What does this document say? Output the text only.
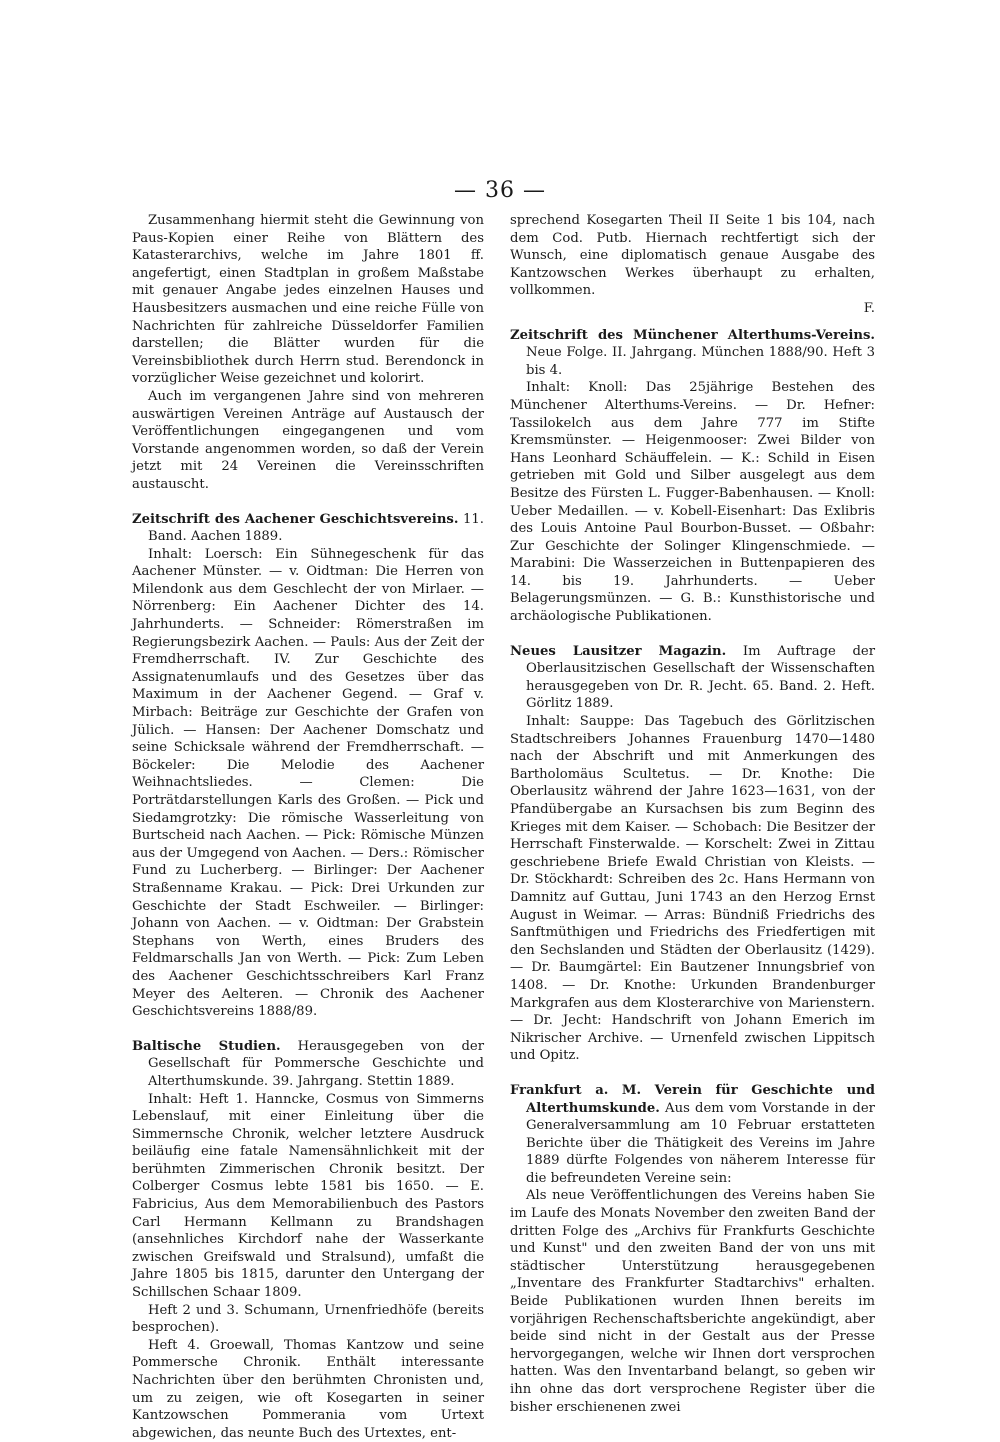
— 36 —

Zusammenhang hiermit steht die Gewinnung von Paus-Kopien einer Reihe von Blättern des Katasterarchivs, welche im Jahre 1801 ff. angefertigt, einen Stadtplan in großem Maßstabe mit genauer Angabe jedes einzelnen Hauses und Hausbesitzers ausmachen und eine reiche Fülle von Nachrichten für zahlreiche Düsseldorfer Familien darstellen; die Blätter wurden für die Vereinsbibliothek durch Herrn stud. Berendonck in vorzüglicher Weise gezeichnet und kolorirt.

Auch im vergangenen Jahre sind von mehreren auswärtigen Vereinen Anträge auf Austausch der Veröffentlichungen eingegangenen und vom Vorstande angenommen worden, so daß der Verein jetzt mit 24 Vereinen die Vereinsschriften austauscht.

Zeitschrift des Aachener Geschichtsvereins. 11. Band. Aachen 1889.

Inhalt: Loersch: Ein Sühnegeschenk für das Aachener Münster. — v. Oidtman: Die Herren von Milendonk aus dem Geschlecht der von Mirlaer. — Nörrenberg: Ein Aachener Dichter des 14. Jahrhunderts. — Schneider: Römerstraßen im Regierungsbezirk Aachen. — Pauls: Aus der Zeit der Fremdherrschaft. IV. Zur Geschichte des Assignatenumlaufs und des Gesetzes über das Maximum in der Aachener Gegend. — Graf v. Mirbach: Beiträge zur Geschichte der Grafen von Jülich. — Hansen: Der Aachener Domschatz und seine Schicksale während der Fremdherrschaft. — Böckeler: Die Melodie des Aachener Weihnachtsliedes. — Clemen: Die Porträtdarstellungen Karls des Großen. — Pick und Siedamgrotzky: Die römische Wasserleitung von Burtscheid nach Aachen. — Pick: Römische Münzen aus der Umgegend von Aachen. — Ders.: Römischer Fund zu Lucherberg. — Birlinger: Der Aachener Straßenname Krakau. — Pick: Drei Urkunden zur Geschichte der Stadt Eschweiler. — Birlinger: Johann von Aachen. — v. Oidtman: Der Grabstein Stephans von Werth, eines Bruders des Feldmarschalls Jan von Werth. — Pick: Zum Leben des Aachener Geschichtsschreibers Karl Franz Meyer des Aelteren. — Chronik des Aachener Geschichtsvereins 1888/89.

Baltische Studien. Herausgegeben von der Gesellschaft für Pommersche Geschichte und Alterthumskunde. 39. Jahrgang. Stettin 1889.

Inhalt: Heft 1. Hanncke, Cosmus von Simmerns Lebenslauf, mit einer Einleitung über die Simmernsche Chronik, welcher letztere Ausdruck beiläufig eine fatale Namensähnlichkeit mit der berühmten Zimmerischen Chronik besitzt. Der Colberger Cosmus lebte 1581 bis 1650. — E. Fabricius, Aus dem Memorabilienbuch des Pastors Carl Hermann Kellmann zu Brandshagen (ansehnliches Kirchdorf nahe der Wasserkante zwischen Greifswald und Stralsund), umfaßt die Jahre 1805 bis 1815, darunter den Untergang der Schillschen Schaar 1809.

Heft 2 und 3. Schumann, Urnenfriedhöfe (bereits besprochen).

Heft 4. Groewall, Thomas Kantzow und seine Pommersche Chronik. Enthält interessante Nachrichten über den berühmten Chronisten und, um zu zeigen, wie oft Kosegarten in seiner Kantzowschen Pommerania vom Urtext abgewichen, das neunte Buch des Urtextes, ent-

sprechend Kosegarten Theil II Seite 1 bis 104, nach dem Cod. Putb. Hiernach rechtfertigt sich der Wunsch, eine diplomatisch genaue Ausgabe des Kantzowschen Werkes überhaupt zu erhalten, vollkommen.

F.

Zeitschrift des Münchener Alterthums-Vereins. Neue Folge. II. Jahrgang. München 1888/90. Heft 3 bis 4.

Inhalt: Knoll: Das 25jährige Bestehen des Münchener Alterthums-Vereins. — Dr. Hefner: Tassilokelch aus dem Jahre 777 im Stifte Kremsmünster. — Heigenmooser: Zwei Bilder von Hans Leonhard Schäuffelein. — K.: Schild in Eisen getrieben mit Gold und Silber ausgelegt aus dem Besitze des Fürsten L. Fugger-Babenhausen. — Knoll: Ueber Medaillen. — v. Kobell-Eisenhart: Das Exlibris des Louis Antoine Paul Bourbon-Busset. — Oßbahr: Zur Geschichte der Solinger Klingenschmiede. — Marabini: Die Wasserzeichen in Buttenpapieren des 14. bis 19. Jahrhunderts. — Ueber Belagerungsmünzen. — G. B.: Kunsthistorische und archäologische Publikationen.

Neues Lausitzer Magazin. Im Auftrage der Oberlausitzischen Gesellschaft der Wissenschaften herausgegeben von Dr. R. Jecht. 65. Band. 2. Heft. Görlitz 1889.

Inhalt: Sauppe: Das Tagebuch des Görlitzischen Stadtschreibers Johannes Frauenburg 1470—1480 nach der Abschrift und mit Anmerkungen des Bartholomäus Scultetus. — Dr. Knothe: Die Oberlausitz während der Jahre 1623—1631, von der Pfandübergabe an Kursachsen bis zum Beginn des Krieges mit dem Kaiser. — Schobach: Die Besitzer der Herrschaft Finsterwalde. — Korschelt: Zwei in Zittau geschriebene Briefe Ewald Christian von Kleists. — Dr. Stöckhardt: Schreiben des 2c. Hans Hermann von Damnitz auf Guttau, Juni 1743 an den Herzog Ernst August in Weimar. — Arras: Bündniß Friedrichs des Sanftmüthigen und Friedrichs des Friedfertigen mit den Sechslanden und Städten der Oberlausitz (1429). — Dr. Baumgärtel: Ein Bautzener Innungsbrief von 1408. — Dr. Knothe: Urkunden Brandenburger Markgrafen aus dem Klosterarchive von Marienstern. — Dr. Jecht: Handschrift von Johann Emerich im Nikrischer Archive. — Urnenfeld zwischen Lippitsch und Opitz.

Frankfurt a. M. Verein für Geschichte und Alterthumskunde. Aus dem vom Vorstande in der Generalversammlung am 10 Februar erstatteten Berichte über die Thätigkeit des Vereins im Jahre 1889 dürfte Folgendes von näherem Interesse für die befreundeten Vereine sein:

Als neue Veröffentlichungen des Vereins haben Sie im Laufe des Monats November den zweiten Band der dritten Folge des „Archivs für Frankfurts Geschichte und Kunst" und den zweiten Band der von uns mit städtischer Unterstützung herausgegebenen „Inventare des Frankfurter Stadtarchivs" erhalten. Beide Publikationen wurden Ihnen bereits im vorjährigen Rechenschaftsberichte angekündigt, aber beide sind nicht in der Gestalt aus der Presse hervorgegangen, welche wir Ihnen dort versprochen hatten. Was den Inventarband belangt, so geben wir ihn ohne das dort versprochene Register über die bisher erschienenen zwei
